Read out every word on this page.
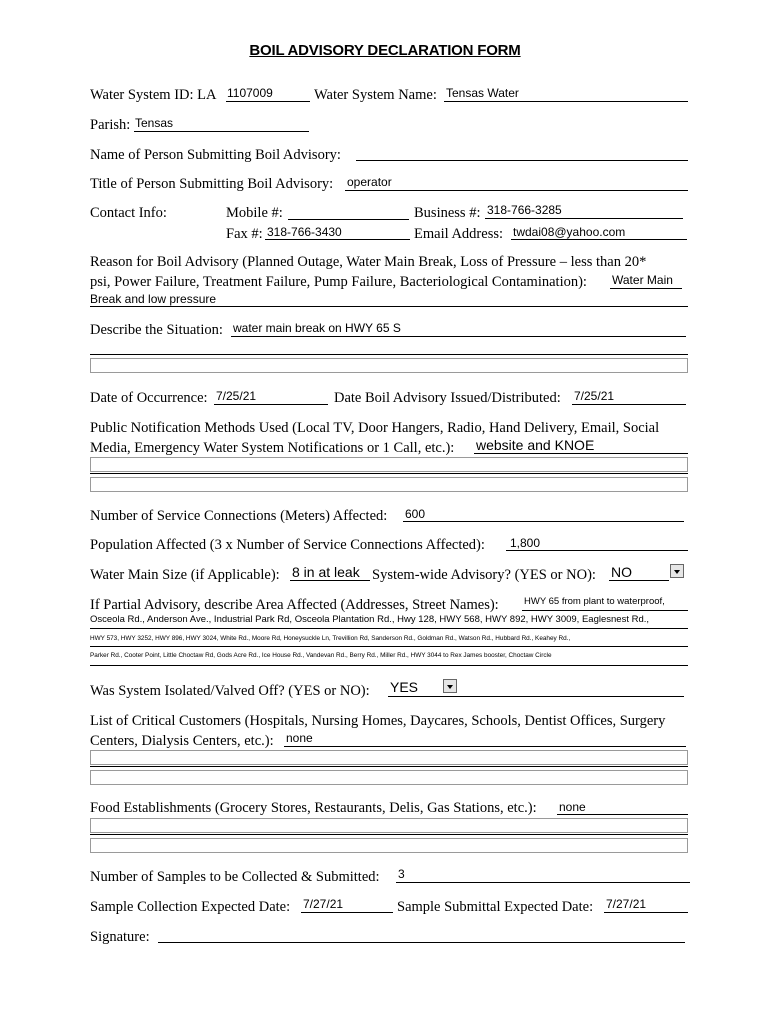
BOIL ADVISORY DECLARATION FORM
Water System ID: LA 1107009	Water System Name: Tensas Water
Parish: Tensas
Name of Person Submitting Boil Advisory:
Title of Person Submitting Boil Advisory: operator
Contact Info:	Mobile #:	Business #: 318-766-3285
Fax #: 318-766-3430	Email Address: twdai08@yahoo.com
Reason for Boil Advisory (Planned Outage, Water Main Break, Loss of Pressure – less than 20*
psi, Power Failure, Treatment Failure, Pump Failure, Bacteriological Contamination): Water Main
Break and low pressure
Describe the Situation: water main break on HWY 65 S
Date of Occurrence: 7/25/21	Date Boil Advisory Issued/Distributed: 7/25/21
Public Notification Methods Used (Local TV, Door Hangers, Radio, Hand Delivery, Email, Social
Media, Emergency Water System Notifications or 1 Call, etc.): website and KNOE
Number of Service Connections (Meters) Affected: 600
Population Affected (3 x Number of Service Connections Affected): 1,800
Water Main Size (if Applicable): 8 in at leak System-wide Advisory? (YES or NO): NO
If Partial Advisory, describe Area Affected (Addresses, Street Names):	HWY 65 from plant to waterproof,
Osceola Rd., Anderson Ave., Industrial Park Rd, Osceola Plantation Rd., Hwy 128, HWY 568, HWY 892, HWY 3009, Eaglesnest Rd.,
HWY 573, HWY 3252, HWY 896, HWY 3024, White Rd., Moore Rd, Honeysuckle Ln, Trevillion Rd, Sanderson Rd., Goldman Rd., Watson Rd., Hubbard Rd., Keahey Rd.,
Parker Rd., Cooter Point, Little Choctaw Rd, Gods Acre Rd., Ice House Rd., Vandevan Rd., Berry Rd., Miller Rd., HWY 3044 to Rex James booster, Choctaw Circle
Was System Isolated/Valved Off? (YES or NO): YES
List of Critical Customers (Hospitals, Nursing Homes, Daycares, Schools, Dentist Offices, Surgery
Centers, Dialysis Centers, etc.): none
Food Establishments (Grocery Stores, Restaurants, Delis, Gas Stations, etc.): none
Number of Samples to be Collected & Submitted: 3
Sample Collection Expected Date: 7/27/21	Sample Submittal Expected Date: 7/27/21
Signature:
